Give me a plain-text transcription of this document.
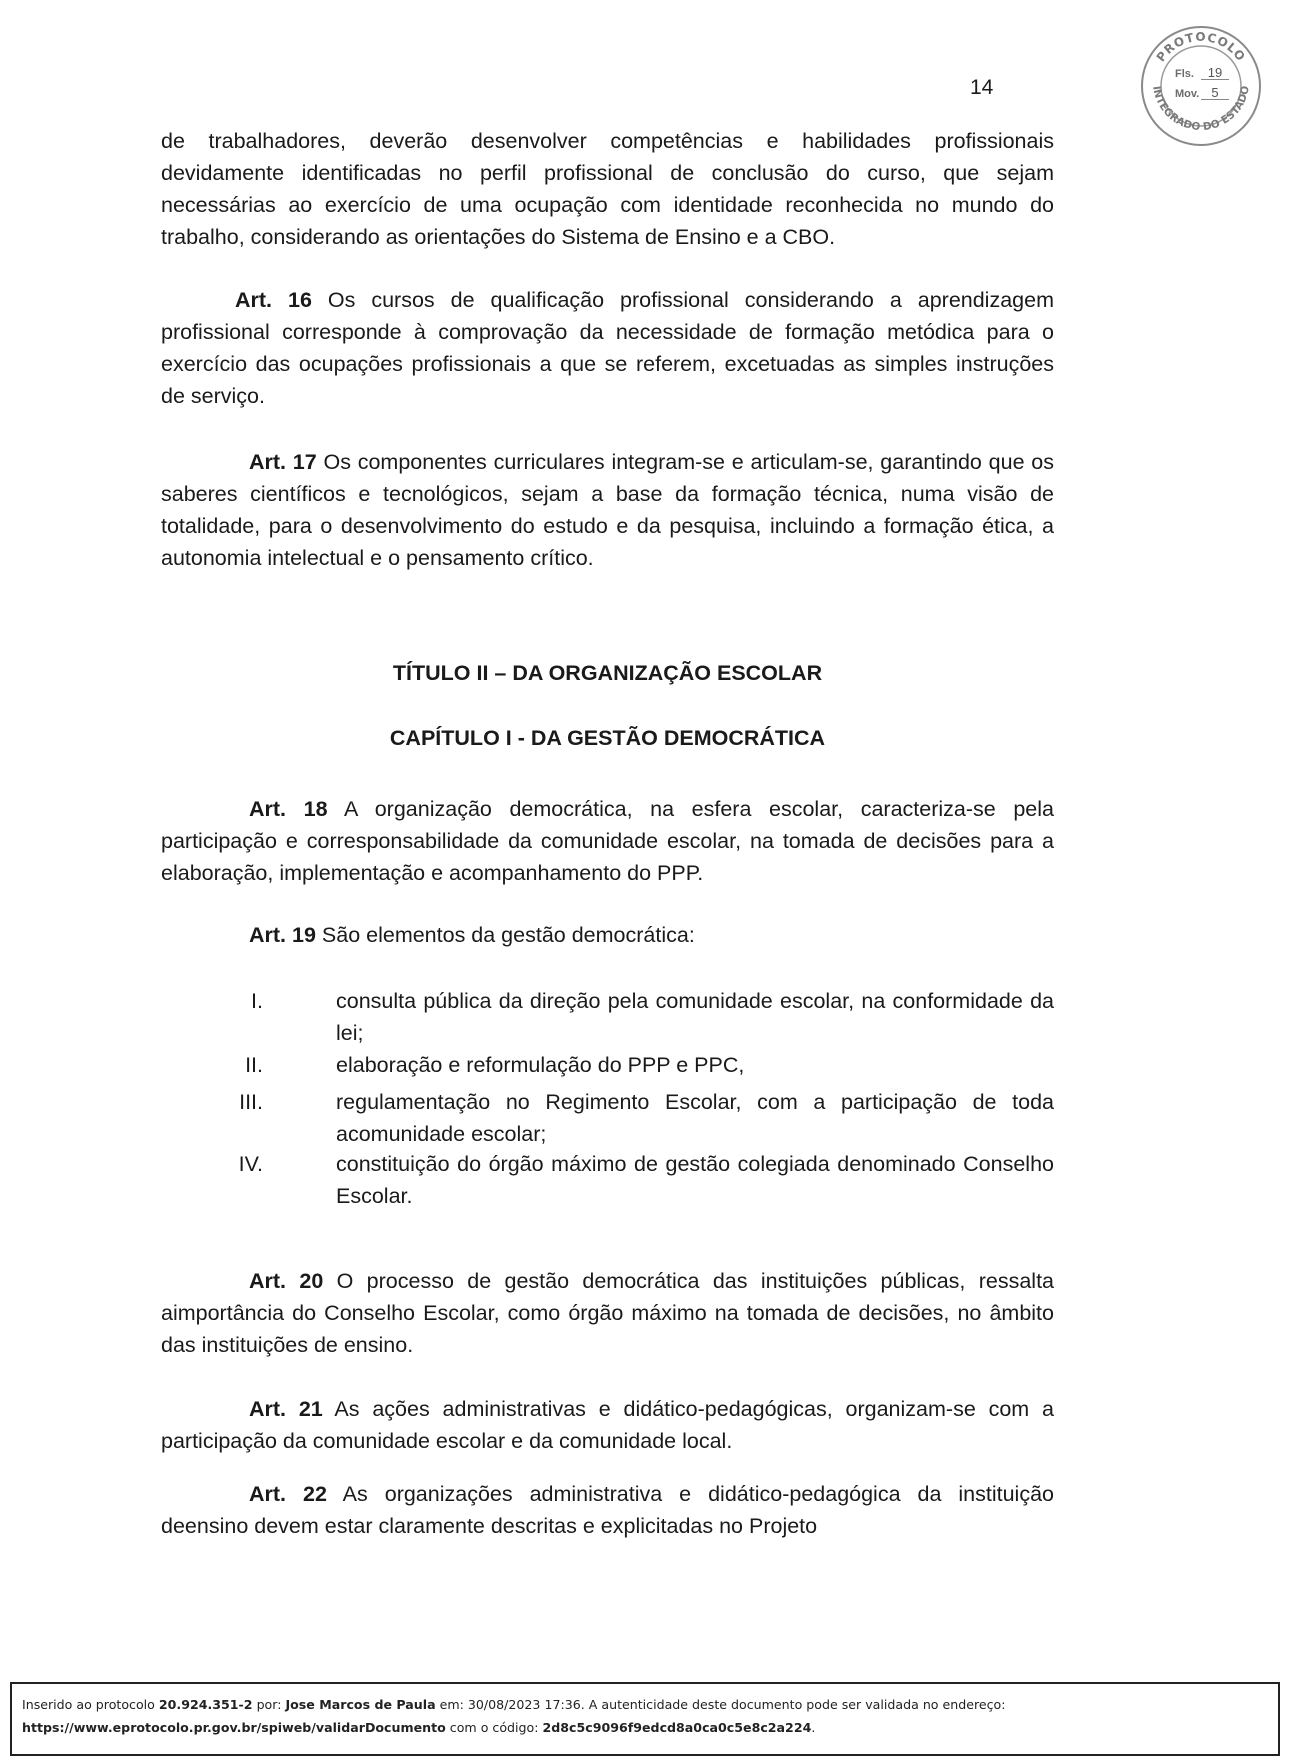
14
PROTOCOLO
INTEGRADO DO ESTADO
Fls.	19
Mov. 5

de trabalhadores, deverão desenvolver competências e habilidades profissionais devidamente identificadas no perfil profissional de conclusão do curso, que sejam necessárias ao exercício de uma ocupação com identidade reconhecida no mundo do trabalho, considerando as orientações do Sistema de Ensino e a CBO.

Art. 16 Os cursos de qualificação profissional considerando a aprendizagem profissional corresponde à comprovação da necessidade de formação metódica para o exercício das ocupações profissionais a que se referem, excetuadas as simples instruções de serviço.

Art. 17 Os componentes curriculares integram-se e articulam-se, garantindo que os saberes científicos e tecnológicos, sejam a base da formação técnica, numa visão de totalidade, para o desenvolvimento do estudo e da pesquisa, incluindo a formação ética, a autonomia intelectual e o pensamento crítico.

TÍTULO II – DA ORGANIZAÇÃO ESCOLAR
CAPÍTULO I - DA GESTÃO DEMOCRÁTICA

Art. 18 A organização democrática, na esfera escolar, caracteriza-se pela participação e corresponsabilidade da comunidade escolar, na tomada de decisões para a elaboração, implementação e acompanhamento do PPP.

Art. 19 São elementos da gestão democrática:

I.	consulta pública da direção pela comunidade escolar, na conformidade da lei;
II.	elaboração e reformulação do PPP e PPC,
III.	regulamentação no Regimento Escolar, com a participação de toda acomunidade escolar;
IV.	constituição do órgão máximo de gestão colegiada denominado Conselho Escolar.

Art. 20 O processo de gestão democrática das instituições públicas, ressalta aimportância do Conselho Escolar, como órgão máximo na tomada de decisões, no âmbito das instituições de ensino.

Art. 21 As ações administrativas e didático-pedagógicas, organizam-se com a participação da comunidade escolar e da comunidade local.

Art. 22 As organizações administrativa e didático-pedagógica da instituição deensino devem estar claramente descritas e explicitadas no Projeto

Inserido ao protocolo 20.924.351-2 por: Jose Marcos de Paula em: 30/08/2023 17:36. A autenticidade deste documento pode ser validada no endereço:
https://www.eprotocolo.pr.gov.br/spiweb/validarDocumento com o código: 2d8c5c9096f9edcd8a0ca0c5e8c2a224.
